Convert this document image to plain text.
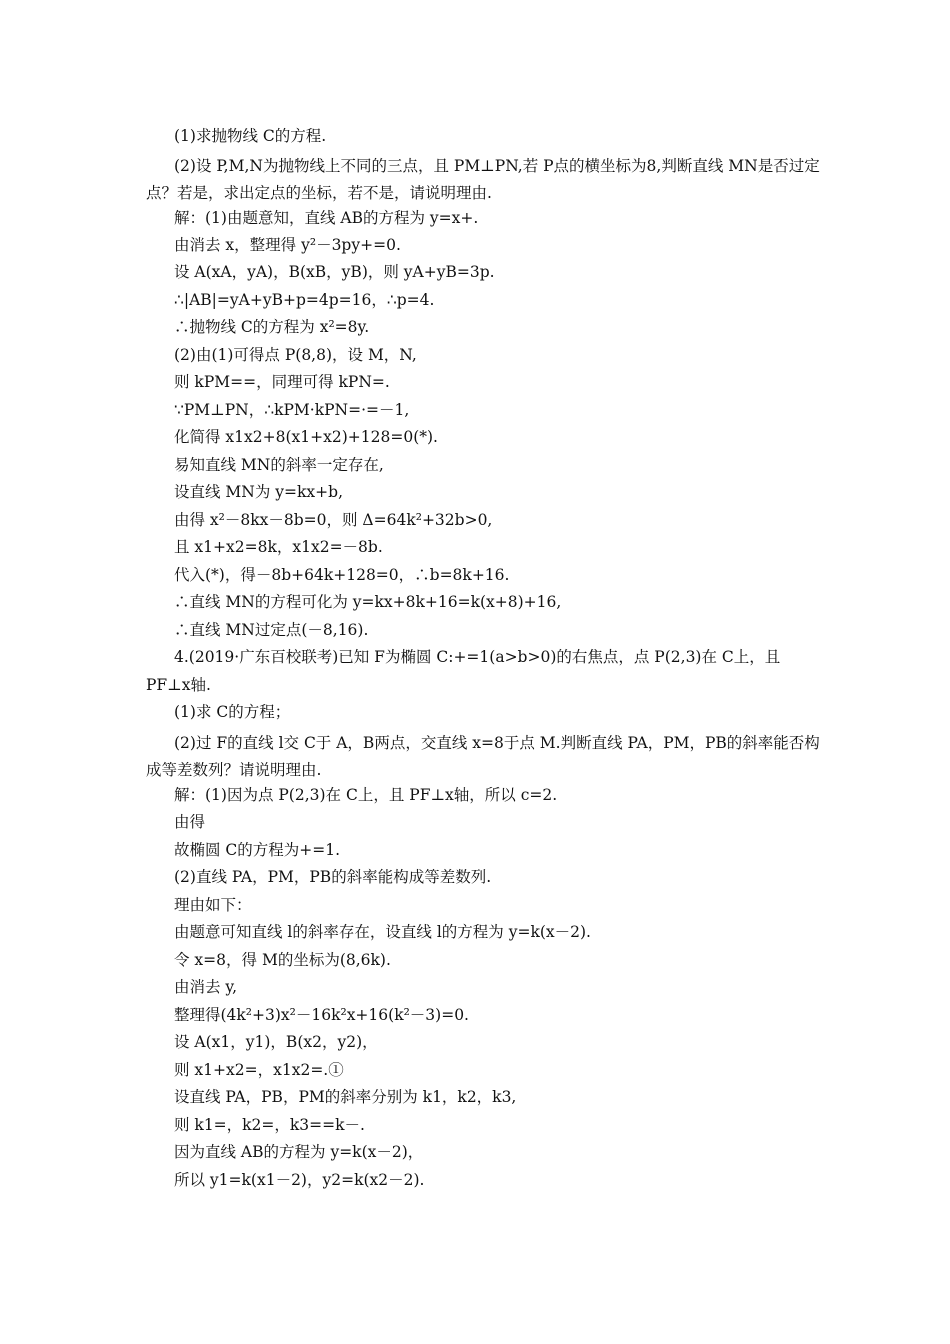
(1)求抛物线 C的方程.
(2)设 P,M,N为抛物线上不同的三点，且 PM⊥PN,若 P点的横坐标为8,判断直线 MN是否过定点？若是，求出定点的坐标，若不是，请说明理由.
解：(1)由题意知，直线 AB的方程为 y=x+.
由消去 x，整理得 y²－3py+=0.
设 A(xA，yA)，B(xB，yB)，则 yA+yB=3p.
∴|AB|=yA+yB+p=4p=16，∴p=4.
∴抛物线 C的方程为 x²=8y.
(2)由(1)可得点 P(8,8)，设 M，N,
则 kPM==，同理可得 kPN=.
∵PM⊥PN，∴kPM·kPN=·=－1,
化简得 x1x2+8(x1+x2)+128=0(*).
易知直线 MN的斜率一定存在,
设直线 MN为 y=kx+b,
由得 x²－8kx－8b=0，则 Δ=64k²+32b>0,
且 x1+x2=8k，x1x2=－8b.
代入(*)，得－8b+64k+128=0，∴b=8k+16.
∴直线 MN的方程可化为 y=kx+8k+16=k(x+8)+16,
∴直线 MN过定点(－8,16).
4.(2019·广东百校联考)已知 F为椭圆 C:+=1(a>b>0)的右焦点，点 P(2,3)在 C上，且
PF⊥x轴.
(1)求 C的方程；
(2)过 F的直线 l交 C于 A，B两点，交直线 x=8于点 M.判断直线 PA，PM，PB的斜率能否构成等差数列？请说明理由.
解：(1)因为点 P(2,3)在 C上，且 PF⊥x轴，所以 c=2.
由得
故椭圆 C的方程为+=1.
(2)直线 PA，PM，PB的斜率能构成等差数列.
理由如下：
由题意可知直线 l的斜率存在，设直线 l的方程为 y=k(x－2).
令 x=8，得 M的坐标为(8,6k).
由消去 y,
整理得(4k²+3)x²－16k²x+16(k²－3)=0.
设 A(x1，y1)，B(x2，y2)，
则 x1+x2=，x1x2=.①
设直线 PA，PB，PM的斜率分别为 k1，k2，k3,
则 k1=，k2=，k3==k－.
因为直线 AB的方程为 y=k(x－2)，
所以 y1=k(x1－2)，y2=k(x2－2).
